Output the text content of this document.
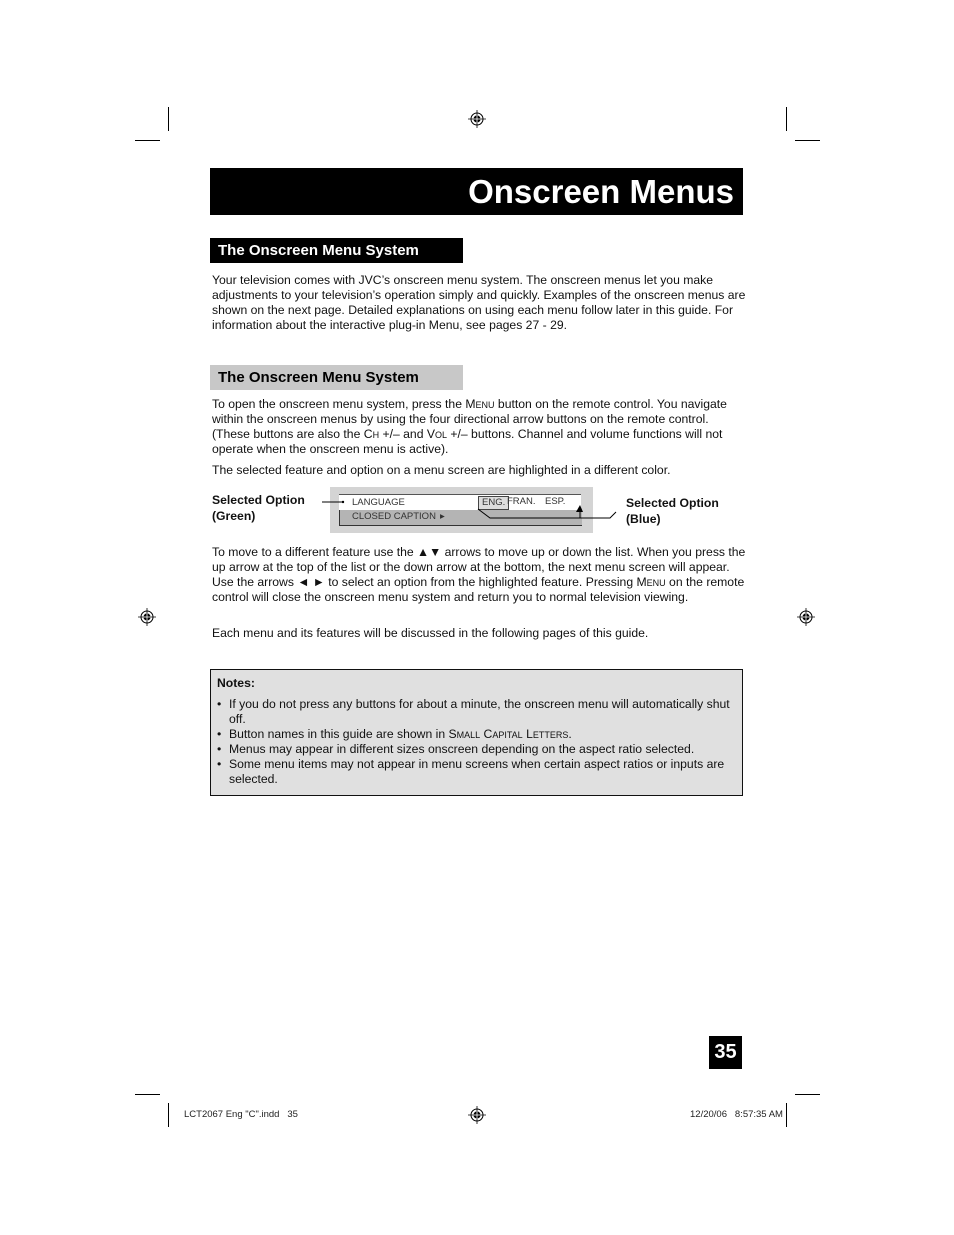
Onscreen Menus
The Onscreen Menu System

Your television comes with JVC’s onscreen menu system. The onscreen menus let you make adjustments to your television’s operation simply and quickly. Examples of the onscreen menus are shown on the next page. Detailed explanations on using each menu follow later in this guide. For information about the interactive plug-in Menu, see pages 27 - 29.

The Onscreen Menu System

To open the onscreen menu system, press the Menu button on the remote control. You navigate within the onscreen menus by using the four directional arrow buttons on the remote control. (These buttons are also the Ch +/– and Vol +/– buttons. Channel and volume functions will not operate when the onscreen menu is active).

The selected feature and option on a menu screen are highlighted in a different color.

Selected Option
(Green)
Selected Option
(Blue)
LANGUAGE	ENG. FRAN. ESP.
CLOSED CAPTION ▸

To move to a different feature use the ▲▼ arrows to move up or down the list. When you press the up arrow at the top of the list or the down arrow at the bottom, the next menu screen will appear. Use the arrows ◄ ► to select an option from the highlighted feature. Pressing Menu on the remote control will close the onscreen menu system and return you to normal television viewing.

Each menu and its features will be discussed in the following pages of this guide.

Notes:
• If you do not press any buttons for about a minute, the onscreen menu will automatically shut off.
• Button names in this guide are shown in Small Capital Letters.
• Menus may appear in different sizes onscreen depending on the aspect ratio selected.
• Some menu items may not appear in menu screens when certain aspect ratios or inputs are selected.
35
LCT2067 Eng "C".indd   35	12/20/06   8:57:35 AM
